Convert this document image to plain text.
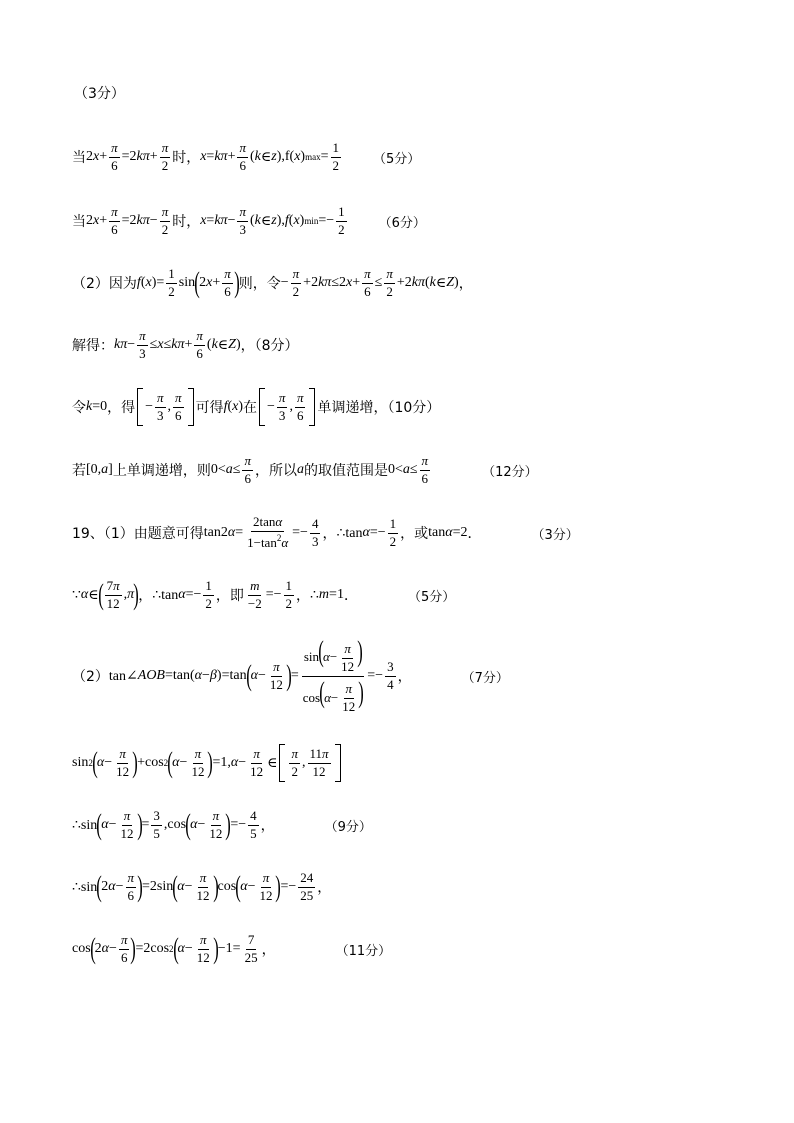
（3分）
当 2 $x + \frac{\pi}{6} =2$ $k\pi + \frac{\pi}{2}$ 时， $x = k\pi + \frac{\pi}{6}$ ( k ∈ z ),f( x ) $\max = \frac{1}{2} (5$分）
当 2 $x + \frac{\pi}{6} =2$ $k\pi - \frac{\pi}{2}$ 时， $x = k\pi - \frac{\pi}{3}$ ( k ∈ z ), f ( x ) $\min =- \frac{1}{2} (6$分）
（2）因为 f ( x )= $\frac{1}{2}$ sin ( 2 $x + \frac{\pi}{6}$ ) 则，令 − $\frac{\pi}{2} +2$ kπ ≤2 $x + \frac{\pi}{6} \le \frac{\pi}{2} +2$ kπ ( k ∈ Z ) ，
解得： $k\pi - \frac{\pi}{3} \le x \le k\pi + \frac{\pi}{6}$ ( k ∈ Z ) ，（8分）
令 k =0 ，得 − $\frac{\pi}{3}$ , $\frac{\pi}{6}$ 可得 f ( x ) 在 − $\frac{\pi}{3}$ , $\frac{\pi}{6}$ 单调递增，（10分）
若 [0, a ] 上单调递增，则 $0< a \le \frac{\pi}{6}$ ，所以 a 的取值范围是 $0< a \le \frac{\pi}{6}$	（12分）
19、（1）由题意可得 tan2 $\alpha = \frac{2\tan\alpha}{1-\tan^2\alpha} =- \frac{4}{3}$ ， ∴tan $\alpha =- \frac{1}{2}$ ，或 tan α =2 ．	（3分）
∵ α ∈ ( $\frac{7\pi}{12}$ , π ) ， ∴tan $\alpha =- \frac{1}{2}$ ，即 $\frac{m}{-2} =- \frac{1}{2}$ ， ∴ m =1 ．	（5分）
（2） tan∠ AOB =tan( α − β )=tan ( $\alpha - \frac{\pi}{12}$ ) = $\frac{\sin(\alpha- \frac{\pi}{12} )}{\cos(\alpha- \frac{\pi}{12} )} =- \frac{3}{4}$ ，	（7分）
sin 2 ( $\alpha - \frac{\pi}{12}$ ) +cos 2 ( $\alpha - \frac{\pi}{12}$ ) =1, $\alpha - \frac{\pi}{12}$ ∈ $\frac{\pi}{2}$ , $\frac{11\pi}{12}$
∴sin ( $\alpha - \frac{\pi}{12}$ ) = $\frac{3}{5} ,\cos$ ( $\alpha - \frac{\pi}{12}$ ) =− $\frac{4}{5}$ ，	（9分）
∴sin ( 2 $\alpha - \frac{\pi}{6}$ ) =2sin ( $\alpha - \frac{\pi}{12}$ ) cos ( $\alpha - \frac{\pi}{12}$ ) =− $\frac{24}{25}$ ，
cos ( 2 $\alpha - \frac{\pi}{6}$ ) =2cos 2 ( $\alpha - \frac{\pi}{12}$ ) $-1= \frac{7}{25}$ ，	（11分）
